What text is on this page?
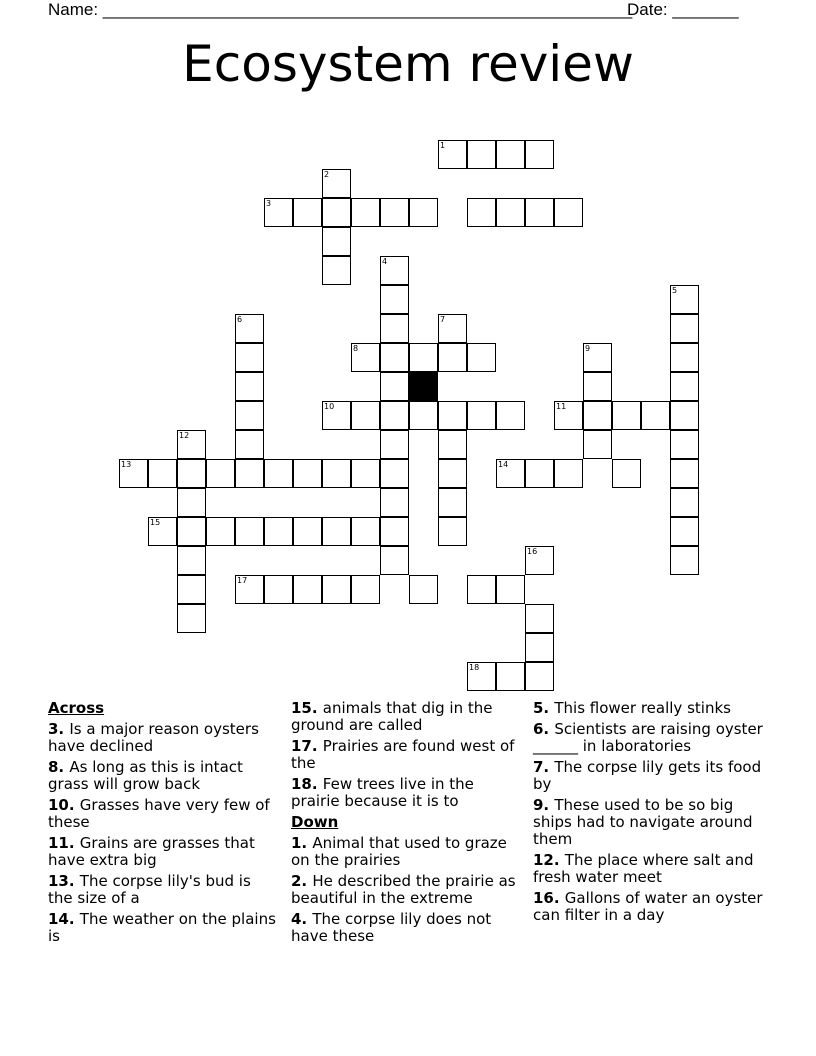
Name: ________________________________________________________
Date: _______
Ecosystem review
1
2
3
4
5
6	7
8	9
10	11
12
13	14
15
16
17
18
Across
3. Is a major reason oysters have declined
8. As long as this is intact grass will grow back
10. Grasses have very few of these
11. Grains are grasses that have extra big
13. The corpse lily's bud is the size of a
14. The weather on the plains is
15. animals that dig in the ground are called
17. Prairies are found west of the
18. Few trees live in the prairie because it is to
Down
1. Animal that used to graze on the prairies
2. He described the prairie as beautiful in the extreme
4. The corpse lily does not have these
5. This flower really stinks
6. Scientists are raising oyster ______ in laboratories
7. The corpse lily gets its food by
9. These used to be so big ships had to navigate around them
12. The place where salt and fresh water meet
16. Gallons of water an oyster can filter in a day
